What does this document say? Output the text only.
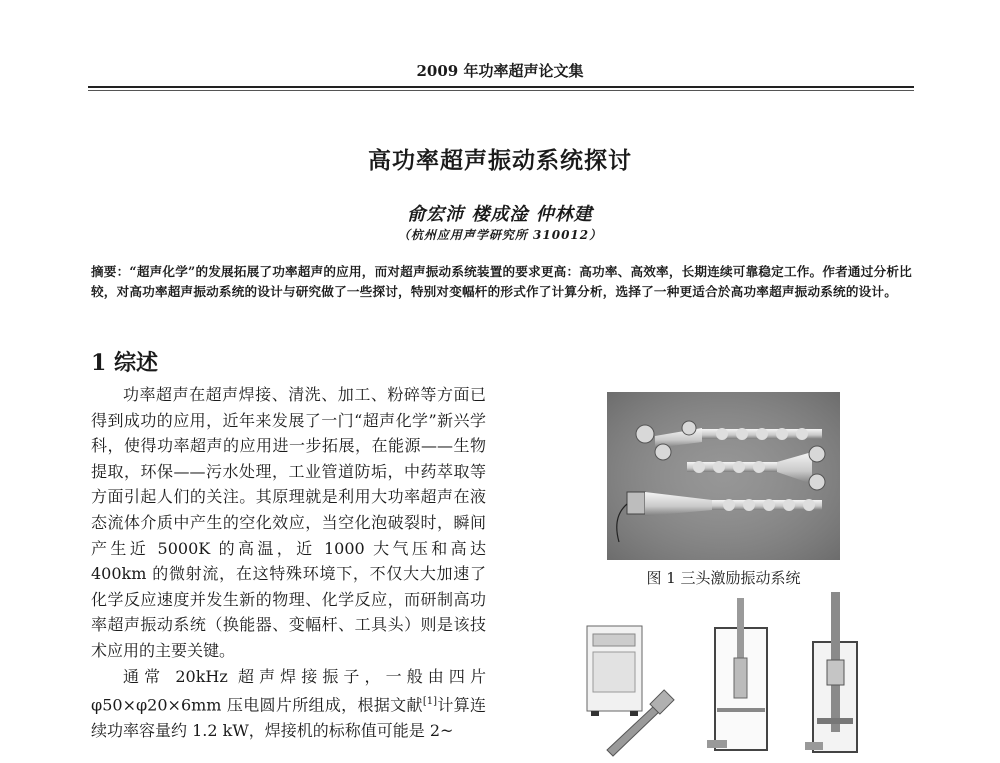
2009 年功率超声论文集
高功率超声振动系统探讨
俞宏沛 楼成淦 仲林建
（杭州应用声学研究所 310012）

摘要：“超声化学”的发展拓展了功率超声的应用，而对超声振动系统装置的要求更高：高功率、高效率，长期连续可靠稳定工作。作者通过分析比较，对高功率超声振动系统的设计与研究做了一些探讨，特别对变幅杆的形式作了计算分析，选择了一种更适合於高功率超声振动系统的设计。

1 综述

功率超声在超声焊接、清洗、加工、粉碎等方面已得到成功的应用，近年来发展了一门“超声化学”新兴学科，使得功率超声的应用进一步拓展，在能源——生物提取，环保——污水处理，工业管道防垢，中药萃取等方面引起人们的关注。其原理就是利用大功率超声在液态流体介质中产生的空化效应，当空化泡破裂时，瞬间产生近 5000K 的高温，近 1000 大气压和高达 400km 的微射流，在这特殊环境下，不仅大大加速了化学反应速度并发生新的物理、化学反应，而研制高功率超声振动系统（换能器、变幅杆、工具头）则是该技术应用的主要关键。

通常 20kHz 超声焊接振子，一般由四片 φ50×φ20×6mm 压电圆片所组成，根据文献[1]计算连续功率容量约 1.2 kW，焊接机的标称值可能是 2~

图 1 三头激励振动系统
